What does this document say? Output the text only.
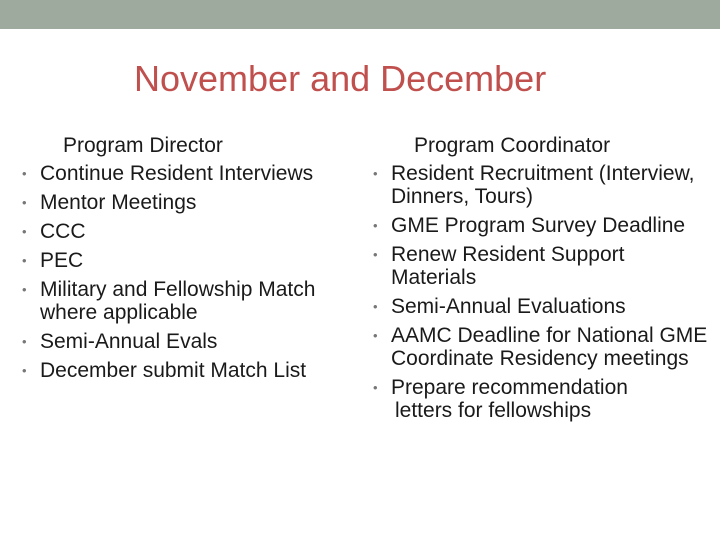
November and December
Program Director
• Continue Resident Interviews
• Mentor Meetings
• CCC
• PEC
• Military and Fellowship Match where applicable
• Semi-Annual Evals
• December submit Match List
Program Coordinator
• Resident Recruitment (Interview, Dinners, Tours)
• GME Program Survey Deadline
• Renew Resident Support Materials
• Semi-Annual Evaluations
• AAMC Deadline for National GME Coordinate Residency meetings
• Prepare recommendation
letters for fellowships
